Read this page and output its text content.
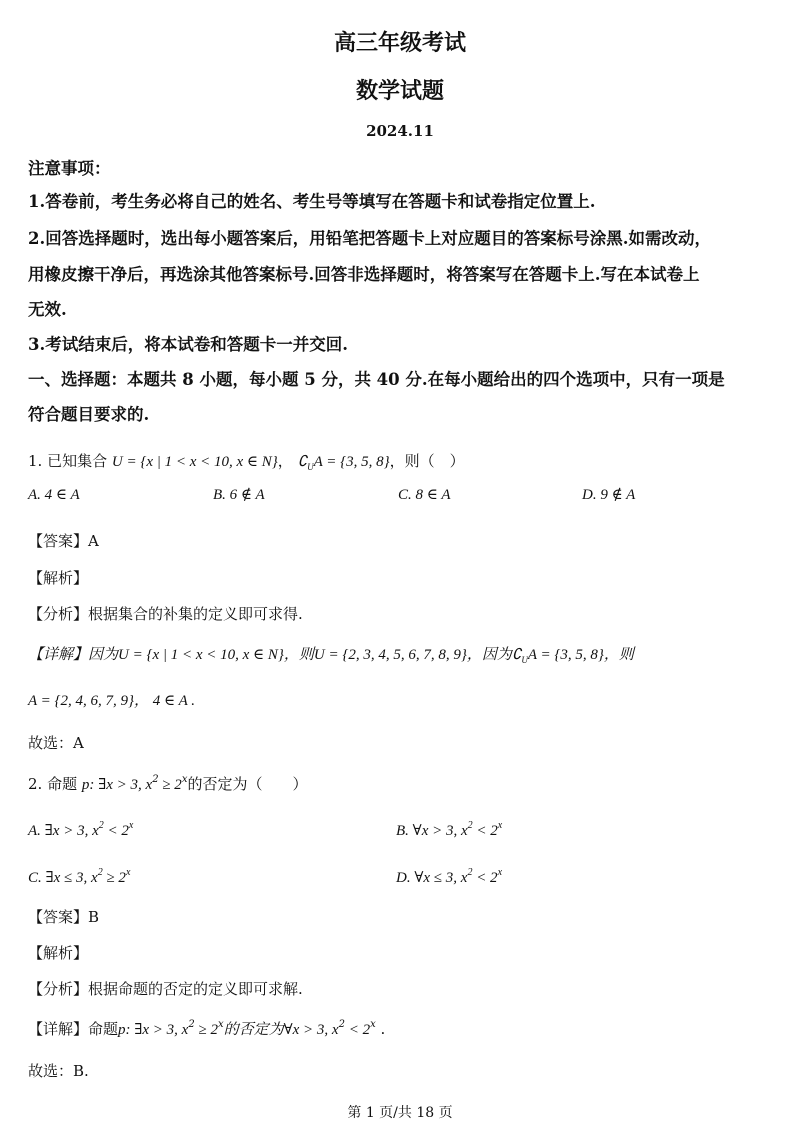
高三年级考试
数学试题
2024.11
注意事项：
1.答卷前，考生务必将自己的姓名、考生号等填写在答题卡和试卷指定位置上.
2.回答选择题时，选出每小题答案后，用铅笔把答题卡上对应题目的答案标号涂黑.如需改动，
用橡皮擦干净后，再选涂其他答案标号.回答非选择题时，将答案写在答题卡上.写在本试卷上
无效.
3.考试结束后，将本试卷和答题卡一并交回.
一、选择题：本题共 8 小题，每小题 5 分，共 40 分.在每小题给出的四个选项中，只有一项是
符合题目要求的.
1. 已知集合 U = {x | 1 < x < 10, x ∈ N}， $∁_UA = \{3$, 5, 8}，则（　）
A. 4 ∈ A	B. 6 ∉ A	C. 8 ∈ A	D. 9 ∉ A
【答案】A
【解析】
【分析】根据集合的补集的定义即可求得.
【详解】因为U = {x | 1 < x < 10, x ∈ N}，则U = {2, 3, 4, 5, 6, 7, 8, 9}，因为$∁_UA = \{3$, 5, 8}，则
A = {2, 4, 6, 7, 9}， 4 ∈ A .
故选：A
2. 命题 p: ∃x > 3, $x^2 \ge 2^x$的否定为（　　）
A. ∃x > 3, $x^2 < 2^x$	B. ∀x > 3, $x^2 < 2^x$
C. ∃x ≤ 3, $x^2 \ge 2^x$	D. ∀x ≤ 3, $x^2 < 2^x$
【答案】B
【解析】
【分析】根据命题的否定的定义即可求解.
【详解】命题p: ∃x > 3, $x^2 \ge 2^x$的否定为∀x > 3, $x^2 < 2^x$ .
故选：B.
第 1 页/共 18 页
